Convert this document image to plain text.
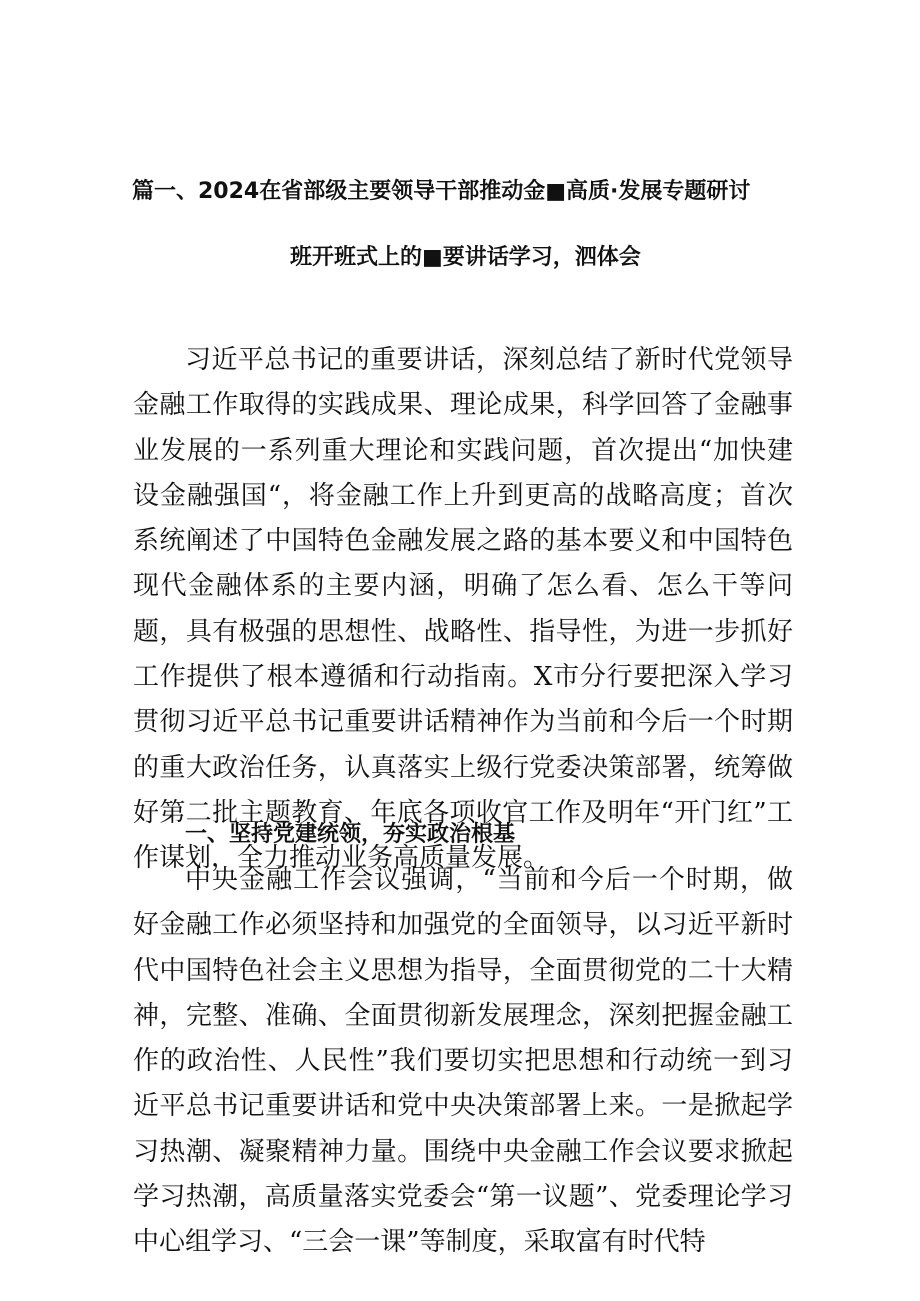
篇一、2024在省部级主要领导干部推动金■高质·发展专题研讨
班开班式上的■要讲话学习，泗体会

习近平总书记的重要讲话，深刻总结了新时代党领导金融工作取得的实践成果、理论成果，科学回答了金融事业发展的一系列重大理论和实践问题，首次提出“加快建设金融强国“，将金融工作上升到更高的战略高度；首次系统阐述了中国特色金融发展之路的基本要义和中国特色现代金融体系的主要内涵，明确了怎么看、怎么干等问题，具有极强的思想性、战略性、指导性，为进一步抓好工作提供了根本遵循和行动指南。X市分行要把深入学习贯彻习近平总书记重要讲话精神作为当前和今后一个时期的重大政治任务，认真落实上级行党委决策部署，统筹做好第二批主题教育、年底各项收官工作及明年“开门红”工作谋划，全力推动业务高质量发展。

一、坚持党建统领，夯实政治根基

中央金融工作会议强调，“当前和今后一个时期，做好金融工作必须坚持和加强党的全面领导，以习近平新时代中国特色社会主义思想为指导，全面贯彻党的二十大精神，完整、准确、全面贯彻新发展理念，深刻把握金融工作的政治性、人民性”我们要切实把思想和行动统一到习近平总书记重要讲话和党中央决策部署上来。一是掀起学习热潮、凝聚精神力量。围绕中央金融工作会议要求掀起学习热潮，高质量落实党委会“第一议题”、党委理论学习中心组学习、“三会一课”等制度，采取富有时代特
